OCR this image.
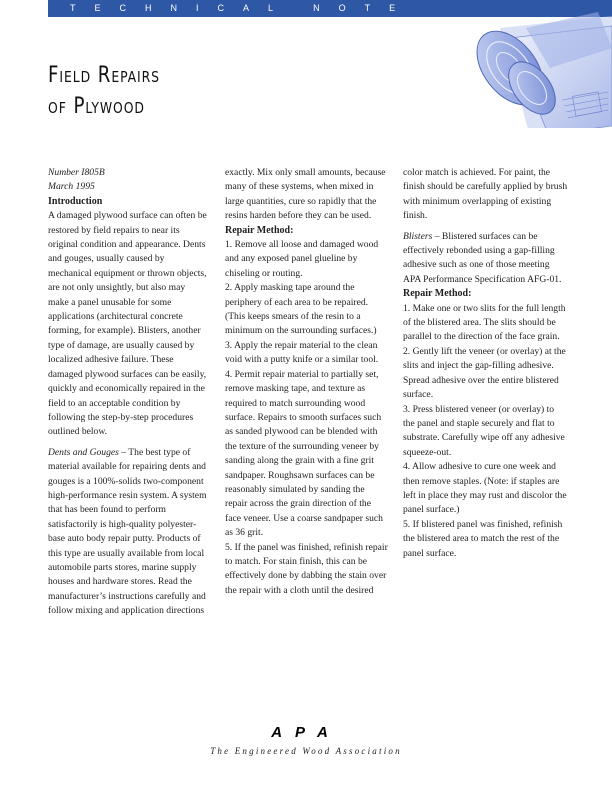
TECHNICAL NOTE
Field Repairs
of Plywood

Number I805B

March 1995

Introduction

A damaged plywood surface can often be restored by field repairs to near its original condition and appearance. Dents and gouges, usually caused by mechanical equipment or thrown objects, are not only unsightly, but also may make a panel unusable for some applications (architectural concrete forming, for example). Blisters, another type of damage, are usually caused by localized adhesive failure. These damaged plywood surfaces can be easily, quickly and economically repaired in the field to an acceptable condition by following the step-by-step procedures outlined below.

Dents and Gouges – The best type of material available for repairing dents and gouges is a 100%-solids two-component high-performance resin system. A system that has been found to perform satisfactorily is high-quality polyester-base auto body repair putty. Products of this type are usually available from local automobile parts stores, marine supply houses and hardware stores. Read the manufacturer’s instructions carefully and follow mixing and application directions

exactly. Mix only small amounts, because many of these systems, when mixed in large quantities, cure so rapidly that the resins harden before they can be used.

Repair Method:

1. Remove all loose and damaged wood and any exposed panel glueline by chiseling or routing.

2. Apply masking tape around the periphery of each area to be repaired. (This keeps smears of the resin to a minimum on the surrounding surfaces.)

3. Apply the repair material to the clean void with a putty knife or a similar tool.

4. Permit repair material to partially set, remove masking tape, and texture as required to match surrounding wood surface. Repairs to smooth surfaces such as sanded plywood can be blended with the texture of the surrounding veneer by sanding along the grain with a fine grit sandpaper. Roughsawn surfaces can be reasonably simulated by sanding the repair across the grain direction of the face veneer. Use a coarse sandpaper such as 36 grit.

5. If the panel was finished, refinish repair to match. For stain finish, this can be effectively done by dabbing the stain over the repair with a cloth until the desired

color match is achieved. For paint, the finish should be carefully applied by brush with minimum overlapping of existing finish.

Blisters – Blistered surfaces can be effectively rebonded using a gap-filling adhesive such as one of those meeting APA Performance Specification AFG-01.

Repair Method:

1. Make one or two slits for the full length of the blistered area. The slits should be parallel to the direction of the face grain.

2. Gently lift the veneer (or overlay) at the slits and inject the gap-filling adhesive. Spread adhesive over the entire blistered surface.

3. Press blistered veneer (or overlay) to the panel and staple securely and flat to substrate. Carefully wipe off any adhesive squeeze-out.

4. Allow adhesive to cure one week and then remove staples. (Note: if staples are left in place they may rust and discolor the panel surface.)

5. If blistered panel was finished, refinish the blistered area to match the rest of the panel surface.

APA
The Engineered Wood Association
